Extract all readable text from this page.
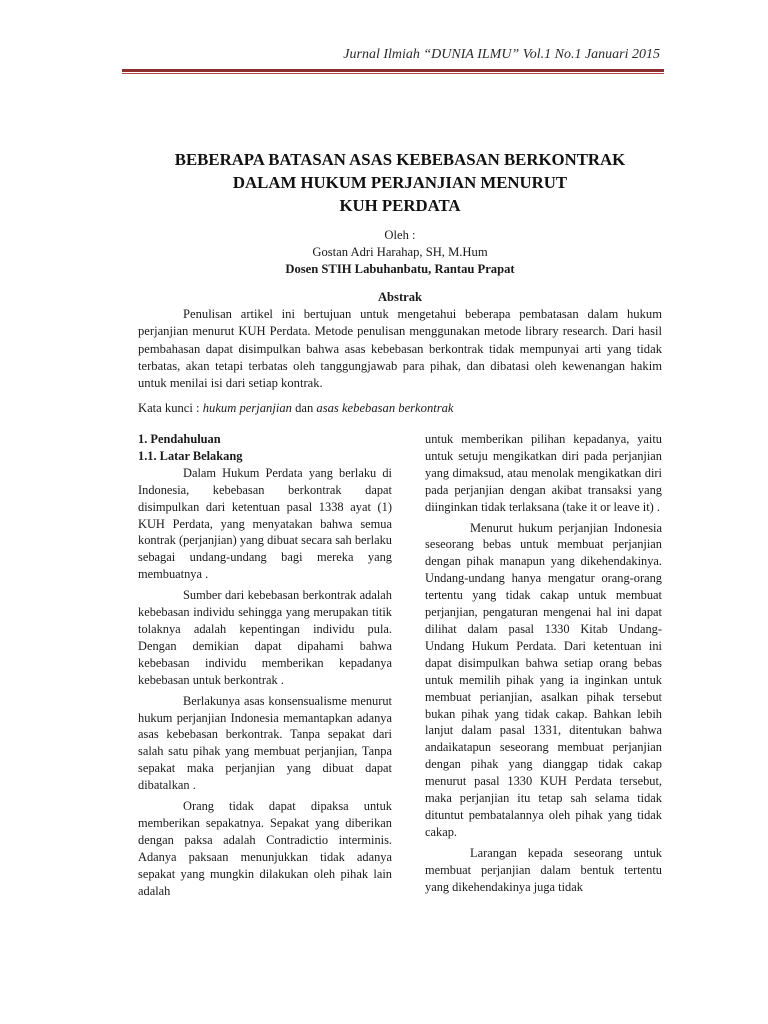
Jurnal Ilmiah “DUNIA ILMU” Vol.1 No.1 Januari 2015
BEBERAPA BATASAN ASAS KEBEBASAN BERKONTRAK
DALAM HUKUM PERJANJIAN MENURUT
KUH PERDATA
Oleh :
Gostan Adri Harahap, SH, M.Hum
Dosen STIH Labuhanbatu, Rantau Prapat
Abstrak
Penulisan artikel ini bertujuan untuk mengetahui beberapa pembatasan dalam hukum perjanjian menurut KUH Perdata. Metode penulisan menggunakan metode library research. Dari hasil pembahasan dapat disimpulkan bahwa asas kebebasan berkontrak tidak mempunyai arti yang tidak terbatas, akan tetapi terbatas oleh tanggungjawab para pihak, dan dibatasi oleh kewenangan hakim untuk menilai isi dari setiap kontrak.
Kata kunci : hukum perjanjian dan asas kebebasan berkontrak
1. Pendahuluan
1.1. Latar Belakang

Dalam Hukum Perdata yang berlaku di Indonesia, kebebasan berkontrak dapat disimpulkan dari ketentuan pasal 1338 ayat (1) KUH Perdata, yang menyatakan bahwa semua kontrak (perjanjian) yang dibuat secara sah berlaku sebagai undang-undang bagi mereka yang membuatnya .

Sumber dari kebebasan berkontrak adalah kebebasan individu sehingga yang merupakan titik tolaknya adalah kepentingan individu pula. Dengan demikian dapat dipahami bahwa kebebasan individu memberikan kepadanya kebebasan untuk berkontrak .

Berlakunya asas konsensualisme menurut hukum perjanjian Indonesia memantapkan adanya asas kebebasan berkontrak. Tanpa sepakat dari salah satu pihak yang membuat perjanjian, Tanpa sepakat maka perjanjian yang dibuat dapat dibatalkan .

Orang tidak dapat dipaksa untuk memberikan sepakatnya. Sepakat yang diberikan dengan paksa adalah Contradictio interminis. Adanya paksaan menunjukkan tidak adanya sepakat yang mungkin dilakukan oleh pihak lain adalah

untuk memberikan pilihan kepadanya, yaitu untuk setuju mengikatkan diri pada perjanjian yang dimaksud, atau menolak mengikatkan diri pada perjanjian dengan akibat transaksi yang diinginkan tidak terlaksana (take it or leave it) .

Menurut hukum perjanjian Indonesia seseorang bebas untuk membuat perjanjian dengan pihak manapun yang dikehendakinya. Undang-undang hanya mengatur orang-orang tertentu yang tidak cakap untuk membuat perjanjian, pengaturan mengenai hal ini dapat dilihat dalam pasal 1330 Kitab Undang-Undang Hukum Perdata. Dari ketentuan ini dapat disimpulkan bahwa setiap orang bebas untuk memilih pihak yang ia inginkan untuk membuat perianjian, asalkan pihak tersebut bukan pihak yang tidak cakap. Bahkan lebih lanjut dalam pasal 1331, ditentukan bahwa andaikatapun seseorang membuat perjanjian dengan pihak yang dianggap tidak cakap menurut pasal 1330 KUH Perdata tersebut, maka perjanjian itu tetap sah selama tidak dituntut pembatalannya oleh pihak yang tidak cakap.

Larangan kepada seseorang untuk membuat perjanjian dalam bentuk tertentu yang dikehendakinya juga tidak
